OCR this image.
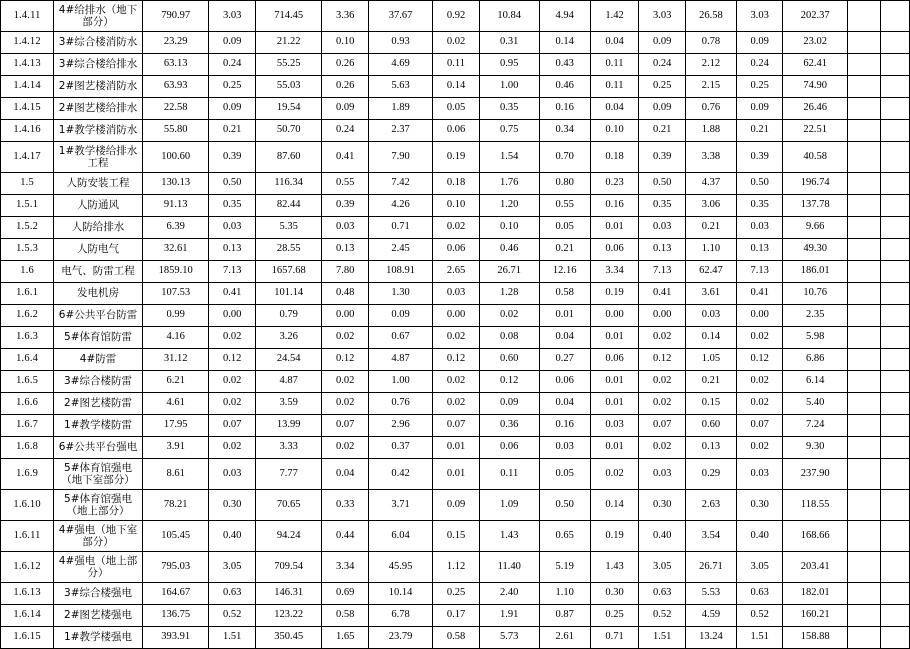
1.4.11	4#给排水（地下部分）	790.97	3.03	714.45	3.36	37.67	0.92	10.84	4.94	1.42	3.03	26.58	3.03	202.37		
1.4.12	3#综合楼消防水	23.29	0.09	21.22	0.10	0.93	0.02	0.31	0.14	0.04	0.09	0.78	0.09	23.02		
1.4.13	3#综合楼给排水	63.13	0.24	55.25	0.26	4.69	0.11	0.95	0.43	0.11	0.24	2.12	0.24	62.41		
1.4.14	2#图艺楼消防水	63.93	0.25	55.03	0.26	5.63	0.14	1.00	0.46	0.11	0.25	2.15	0.25	74.90		
1.4.15	2#图艺楼给排水	22.58	0.09	19.54	0.09	1.89	0.05	0.35	0.16	0.04	0.09	0.76	0.09	26.46		
1.4.16	1#教学楼消防水	55.80	0.21	50.70	0.24	2.37	0.06	0.75	0.34	0.10	0.21	1.88	0.21	22.51		
1.4.17	1#教学楼给排水工程	100.60	0.39	87.60	0.41	7.90	0.19	1.54	0.70	0.18	0.39	3.38	0.39	40.58		
1.5	人防安装工程	130.13	0.50	116.34	0.55	7.42	0.18	1.76	0.80	0.23	0.50	4.37	0.50	196.74		
1.5.1	人防通风	91.13	0.35	82.44	0.39	4.26	0.10	1.20	0.55	0.16	0.35	3.06	0.35	137.78		
1.5.2	人防给排水	6.39	0.03	5.35	0.03	0.71	0.02	0.10	0.05	0.01	0.03	0.21	0.03	9.66		
1.5.3	人防电气	32.61	0.13	28.55	0.13	2.45	0.06	0.46	0.21	0.06	0.13	1.10	0.13	49.30		
1.6	电气、防雷工程	1859.10	7.13	1657.68	7.80	108.91	2.65	26.71	12.16	3.34	7.13	62.47	7.13	186.01		
1.6.1	发电机房	107.53	0.41	101.14	0.48	1.30	0.03	1.28	0.58	0.19	0.41	3.61	0.41	10.76		
1.6.2	6#公共平台防雷	0.99	0.00	0.79	0.00	0.09	0.00	0.02	0.01	0.00	0.00	0.03	0.00	2.35		
1.6.3	5#体育馆防雷	4.16	0.02	3.26	0.02	0.67	0.02	0.08	0.04	0.01	0.02	0.14	0.02	5.98		
1.6.4	4#防雷	31.12	0.12	24.54	0.12	4.87	0.12	0.60	0.27	0.06	0.12	1.05	0.12	6.86		
1.6.5	3#综合楼防雷	6.21	0.02	4.87	0.02	1.00	0.02	0.12	0.06	0.01	0.02	0.21	0.02	6.14		
1.6.6	2#图艺楼防雷	4.61	0.02	3.59	0.02	0.76	0.02	0.09	0.04	0.01	0.02	0.15	0.02	5.40		
1.6.7	1#教学楼防雷	17.95	0.07	13.99	0.07	2.96	0.07	0.36	0.16	0.03	0.07	0.60	0.07	7.24		
1.6.8	6#公共平台强电	3.91	0.02	3.33	0.02	0.37	0.01	0.06	0.03	0.01	0.02	0.13	0.02	9.30		
1.6.9	5#体育馆强电（地下室部分）	8.61	0.03	7.77	0.04	0.42	0.01	0.11	0.05	0.02	0.03	0.29	0.03	237.90		
1.6.10	5#体育馆强电（地上部分）	78.21	0.30	70.65	0.33	3.71	0.09	1.09	0.50	0.14	0.30	2.63	0.30	118.55		
1.6.11	4#强电（地下室部分）	105.45	0.40	94.24	0.44	6.04	0.15	1.43	0.65	0.19	0.40	3.54	0.40	168.66		
1.6.12	4#强电（地上部分）	795.03	3.05	709.54	3.34	45.95	1.12	11.40	5.19	1.43	3.05	26.71	3.05	203.41		
1.6.13	3#综合楼强电	164.67	0.63	146.31	0.69	10.14	0.25	2.40	1.10	0.30	0.63	5.53	0.63	182.01		
1.6.14	2#图艺楼强电	136.75	0.52	123.22	0.58	6.78	0.17	1.91	0.87	0.25	0.52	4.59	0.52	160.21		
1.6.15	1#教学楼强电	393.91	1.51	350.45	1.65	23.79	0.58	5.73	2.61	0.71	1.51	13.24	1.51	158.88		
